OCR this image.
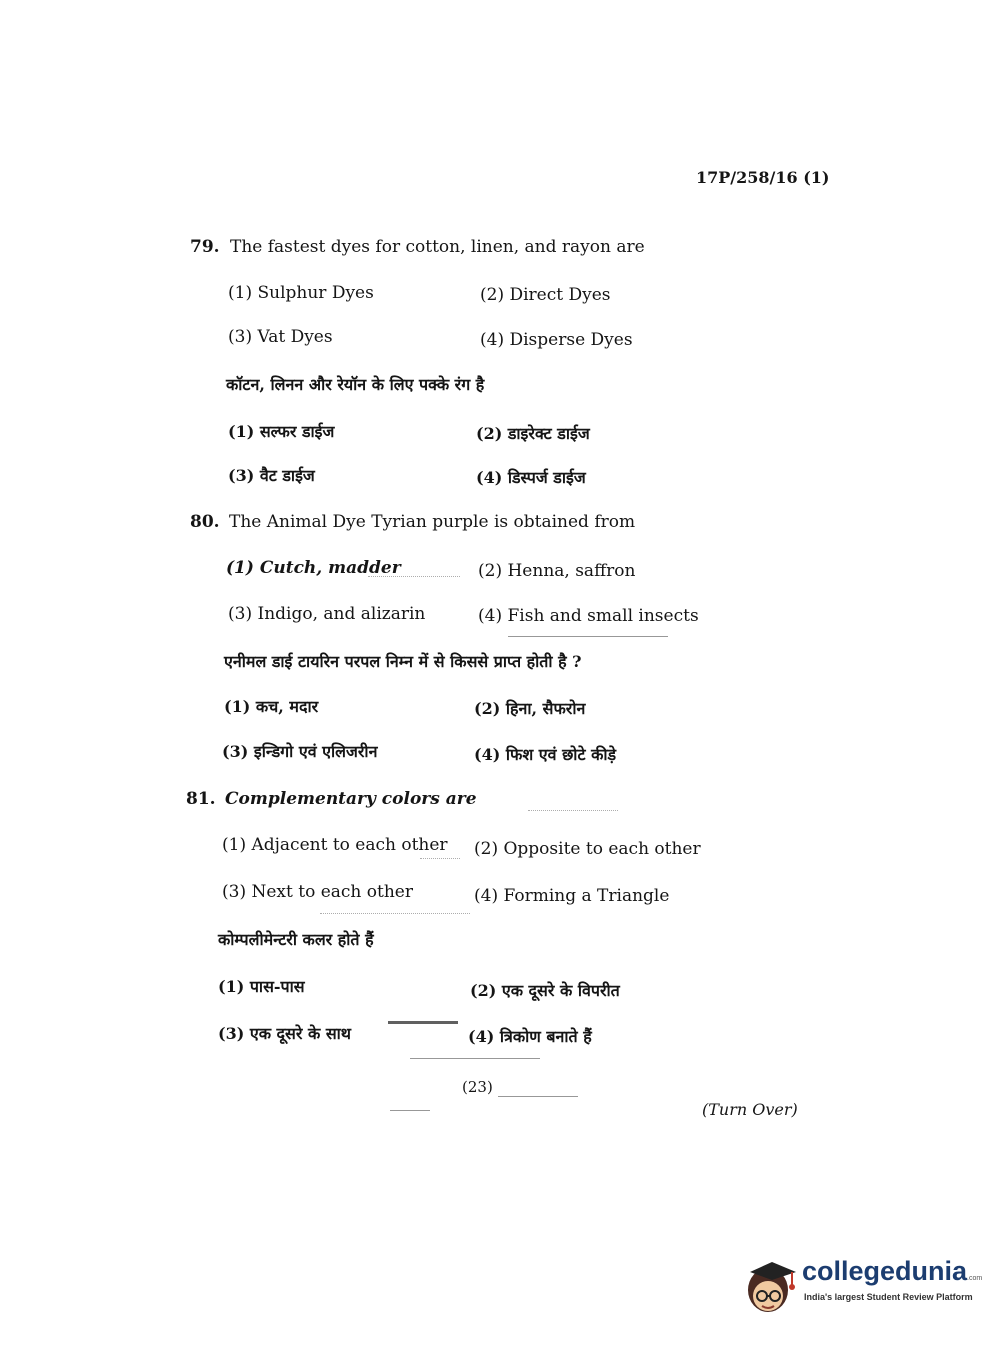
17P/258/16 (1)
79. The fastest dyes for cotton, linen, and rayon are
(1) Sulphur Dyes	(2) Direct Dyes
(3) Vat Dyes	(4) Disperse Dyes
कॉटन, लिनन और रेयॉन के लिए पक्के रंग है
(1) सल्फर डाईज	(2) डाइरेक्ट डाईज
(3) वैट डाईज	(4) डिस्पर्ज डाईज
80. The Animal Dye Tyrian purple is obtained from
(1) Cutch, madder	(2) Henna, saffron
(3) Indigo, and alizarin	(4) Fish and small insects
एनीमल डाई टायरिन परपल निम्न में से किससे प्राप्त होती है ?
(1) कच, मदार	(2) हिना, सैफरोन
(3) इन्डिगो एवं एलिजरीन	(4) फिश एवं छोटे कीड़े
81. Complementary colors are
(1) Adjacent to each other (2) Opposite to each other
(3) Next to each other	(4) Forming a Triangle
कोम्पलीमेन्टरी कलर होते हैं
(1) पास-पास	(2) एक दूसरे के विपरीत
(3) एक दूसरे के साथ	(4) त्रिकोण बनाते हैं
(23)
(Turn Over)
collegedunia.com
India's largest Student Review Platform
